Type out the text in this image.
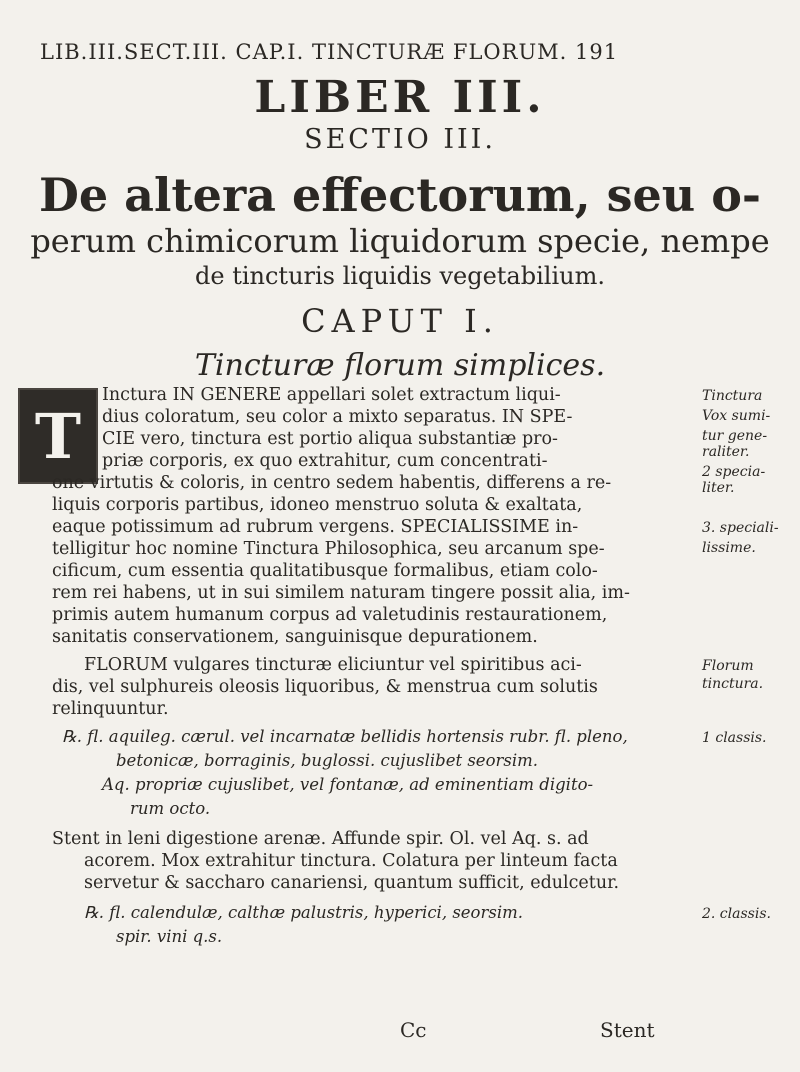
LIB.III.SECT.III. CAP.I. TINCTURÆ FLORUM. 191
LIBER III.
SECTIO III.
De altera effectorum, seu o-
perum chimicorum liquidorum specie, nempe
de tincturis liquidis vegetabilium.
CAPUT I.
Tincturæ florum simplices.
T
Inctura IN GENERE appellari solet extractum liqui-
dius coloratum, seu color a mixto separatus. IN SPE-
CIE vero, tinctura est portio aliqua substantiæ pro-
priæ corporis, ex quo extrahitur, cum concentrati-
one virtutis & coloris, in centro sedem habentis, differens a re-
liquis corporis partibus, idoneo menstruo soluta & exaltata,
eaque potissimum ad rubrum vergens. SPECIALISSIME in-
telligitur hoc nomine Tinctura Philosophica, seu arcanum spe-
cificum, cum essentia qualitatibusque formalibus, etiam colo-
rem rei habens, ut in sui similem naturam tingere possit alia, im-
primis autem humanum corpus ad valetudinis restaurationem,
sanitatis conservationem, sanguinisque depurationem.
FLORUM vulgares tincturæ eliciuntur vel spiritibus aci-
dis, vel sulphureis oleosis liquoribus, & menstrua cum solutis
relinquuntur.
℞. fl. aquileg. cærul. vel incarnatæ bellidis hortensis rubr. fl. pleno,
betonicæ, borraginis, buglossi. cujuslibet seorsim.
Aq. propriæ cujuslibet, vel fontanæ, ad eminentiam digito-
rum octo.
Stent in leni digestione arenæ. Affunde spir. Ol. vel Aq. s. ad
acorem. Mox extrahitur tinctura. Colatura per linteum facta
servetur & saccharo canariensi, quantum sufficit, edulcetur.
℞. fl. calendulæ, calthæ palustris, hyperici, seorsim.
spir. vini q.s.
Tinctura
Vox sumi-
tur gene-
raliter.
2 specia-
liter.
3. speciali-
lissime.
Florum
tinctura.
1 classis.
2. classis.
Cc	Stent
